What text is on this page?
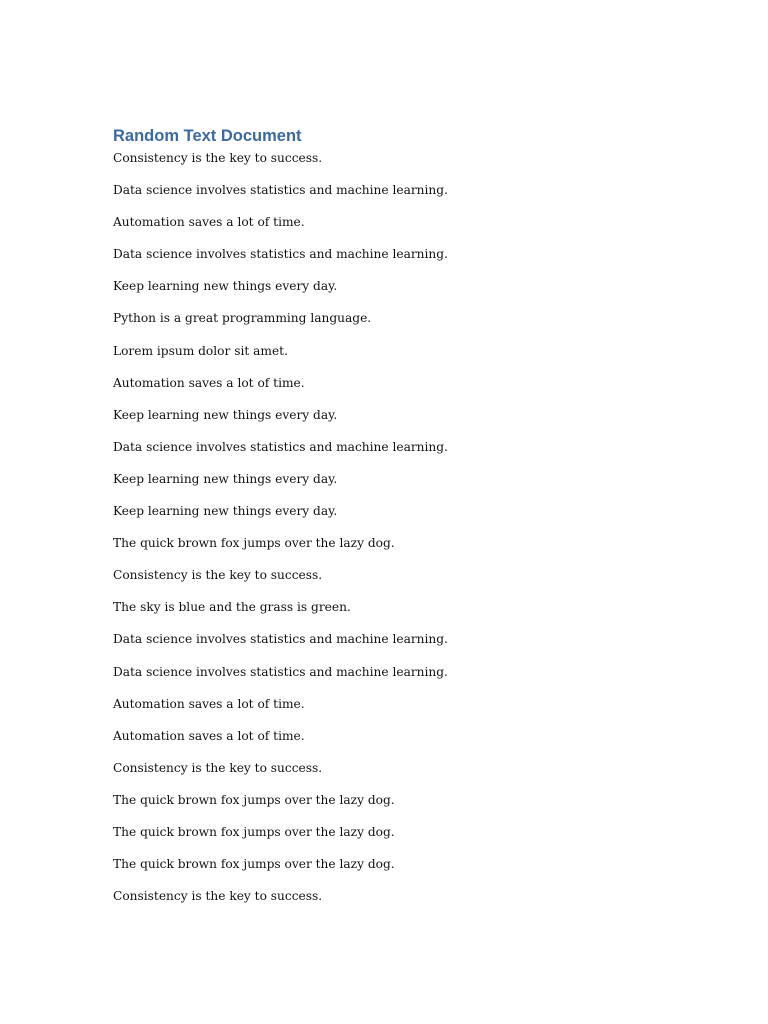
Random Text Document

Consistency is the key to success.

Data science involves statistics and machine learning.

Automation saves a lot of time.

Data science involves statistics and machine learning.

Keep learning new things every day.

Python is a great programming language.

Lorem ipsum dolor sit amet.

Automation saves a lot of time.

Keep learning new things every day.

Data science involves statistics and machine learning.

Keep learning new things every day.

Keep learning new things every day.

The quick brown fox jumps over the lazy dog.

Consistency is the key to success.

The sky is blue and the grass is green.

Data science involves statistics and machine learning.

Data science involves statistics and machine learning.

Automation saves a lot of time.

Automation saves a lot of time.

Consistency is the key to success.

The quick brown fox jumps over the lazy dog.

The quick brown fox jumps over the lazy dog.

The quick brown fox jumps over the lazy dog.

Consistency is the key to success.
